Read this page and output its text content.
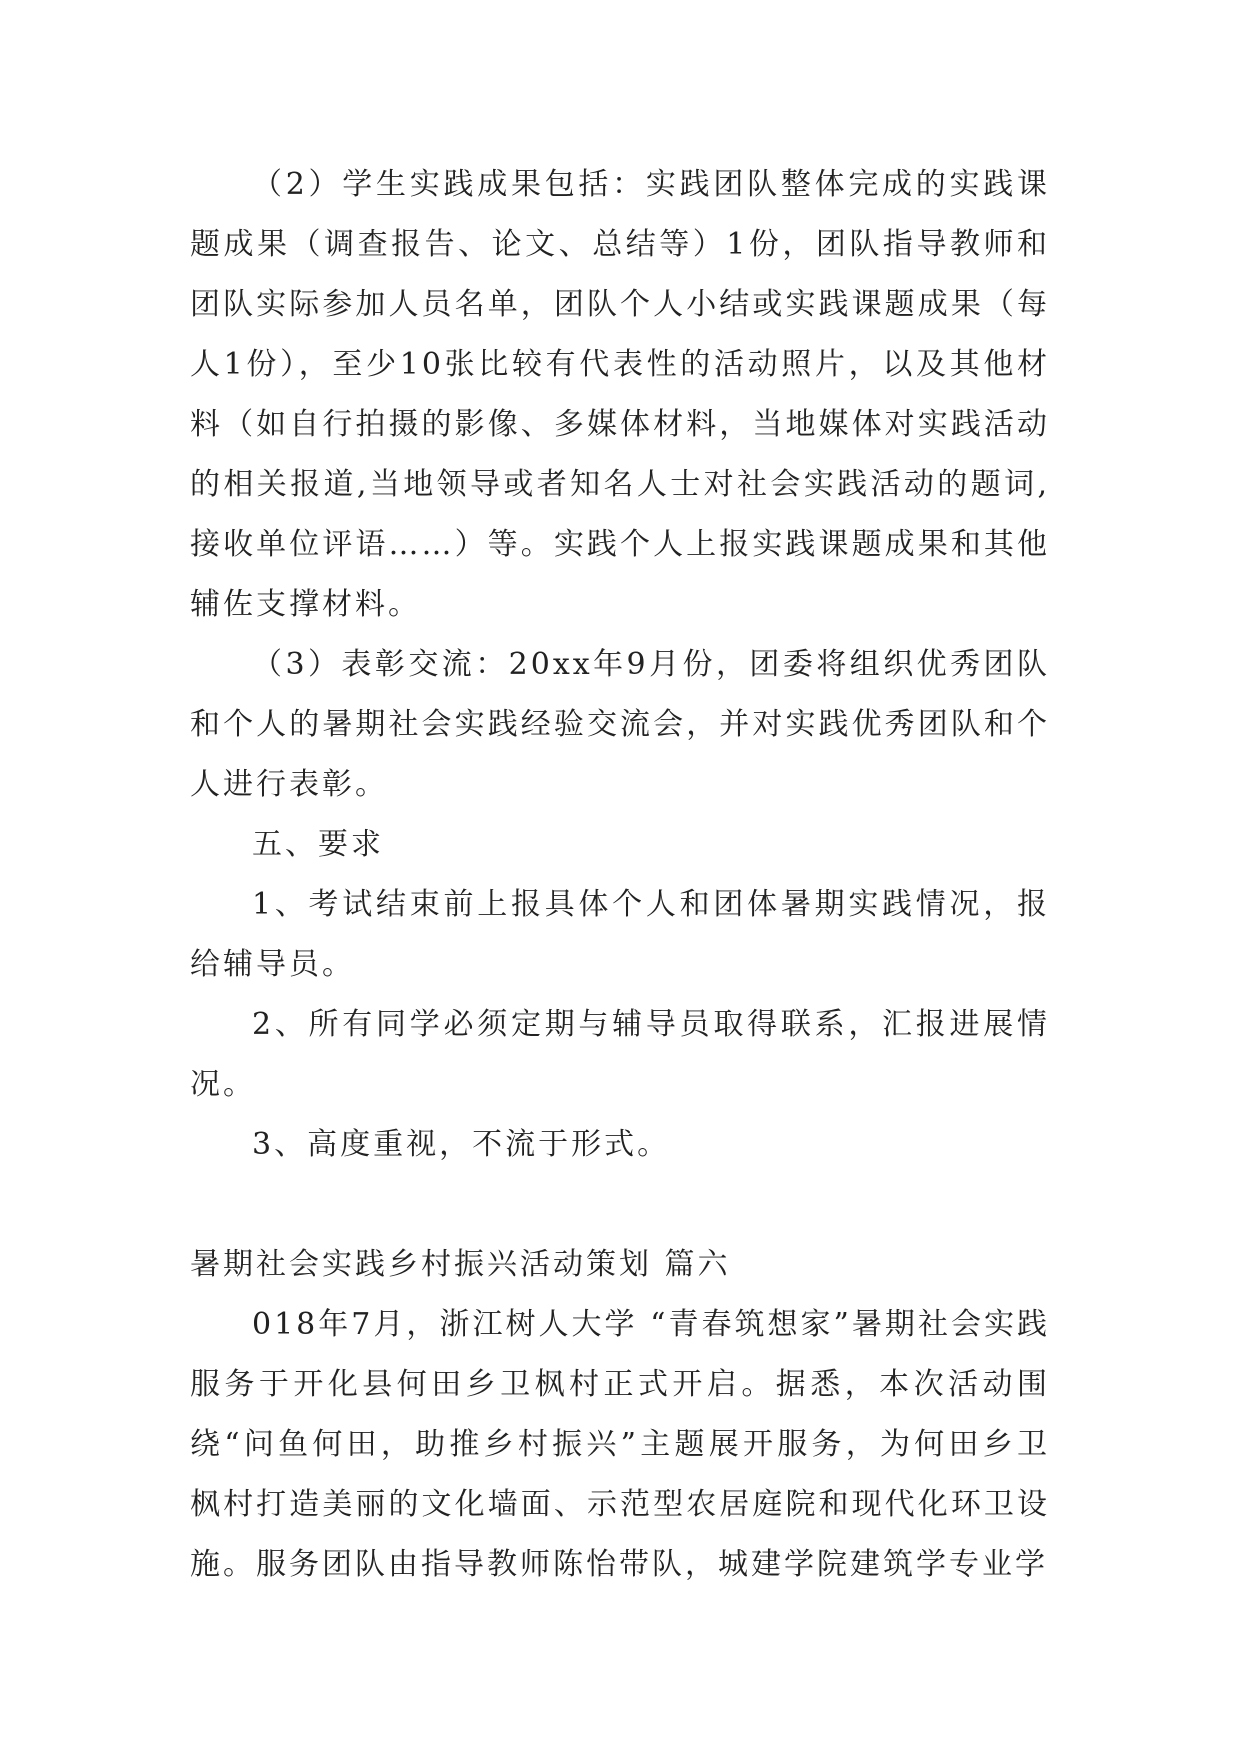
（2）学生实践成果包括：实践团队整体完成的实践课题成果（调查报告、论文、总结等）1份，团队指导教师和团队实际参加人员名单，团队个人小结或实践课题成果（每人1份），至少10张比较有代表性的活动照片，以及其他材料（如自行拍摄的影像、多媒体材料，当地媒体对实践活动的相关报道,当地领导或者知名人士对社会实践活动的题词,接收单位评语……）等。实践个人上报实践课题成果和其他辅佐支撑材料。

（3）表彰交流：20xx年9月份，团委将组织优秀团队和个人的暑期社会实践经验交流会，并对实践优秀团队和个人进行表彰。

五、要求

1、考试结束前上报具体个人和团体暑期实践情况，报给辅导员。

2、所有同学必须定期与辅导员取得联系，汇报进展情况。

3、高度重视，不流于形式。

暑期社会实践乡村振兴活动策划 篇六

018年7月，浙江树人大学 “青春筑想家”暑期社会实践服务于开化县何田乡卫枫村正式开启。据悉，本次活动围绕“问鱼何田，助推乡村振兴”主题展开服务，为何田乡卫枫村打造美丽的文化墙面、示范型农居庭院和现代化环卫设施。服务团队由指导教师陈怡带队，城建学院建筑学专业学
